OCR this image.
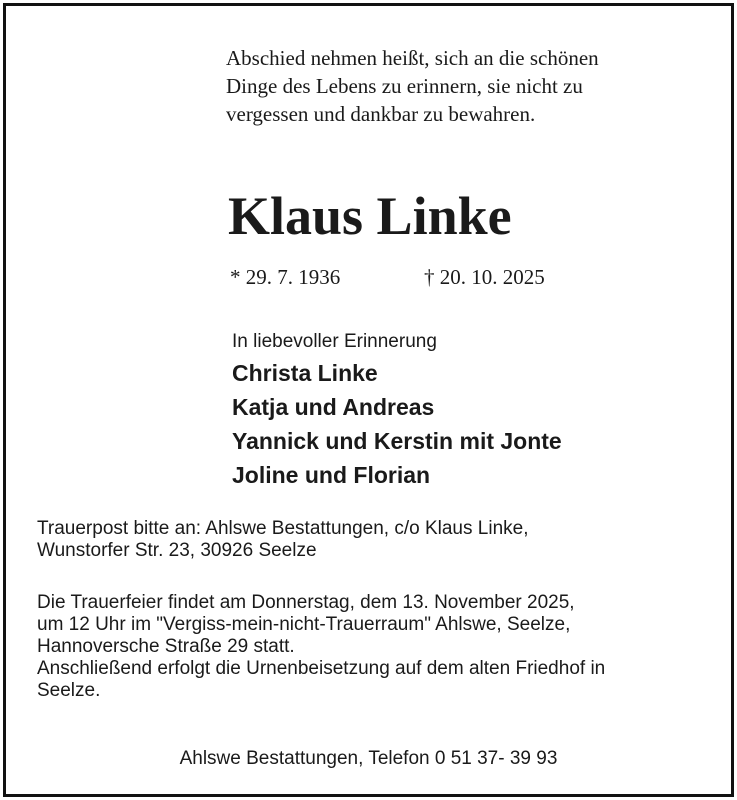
Abschied nehmen heißt, sich an die schönen
Dinge des Lebens zu erinnern, sie nicht zu
vergessen und dankbar zu bewahren.
Klaus Linke
* 29. 7. 1936	† 20. 10. 2025
In liebevoller Erinnerung
Christa Linke
Katja und Andreas
Yannick und Kerstin mit Jonte
Joline und Florian
Trauerpost bitte an: Ahlswe Bestattungen, c/o Klaus Linke,
Wunstorfer Str. 23, 30926 Seelze
Die Trauerfeier findet am Donnerstag, dem 13. November 2025,
um 12 Uhr im "Vergiss-mein-nicht-Trauerraum" Ahlswe, Seelze,
Hannoversche Straße 29 statt.
Anschließend erfolgt die Urnenbeisetzung auf dem alten Friedhof in
Seelze.
Ahlswe Bestattungen, Telefon 0 51 37- 39 93
